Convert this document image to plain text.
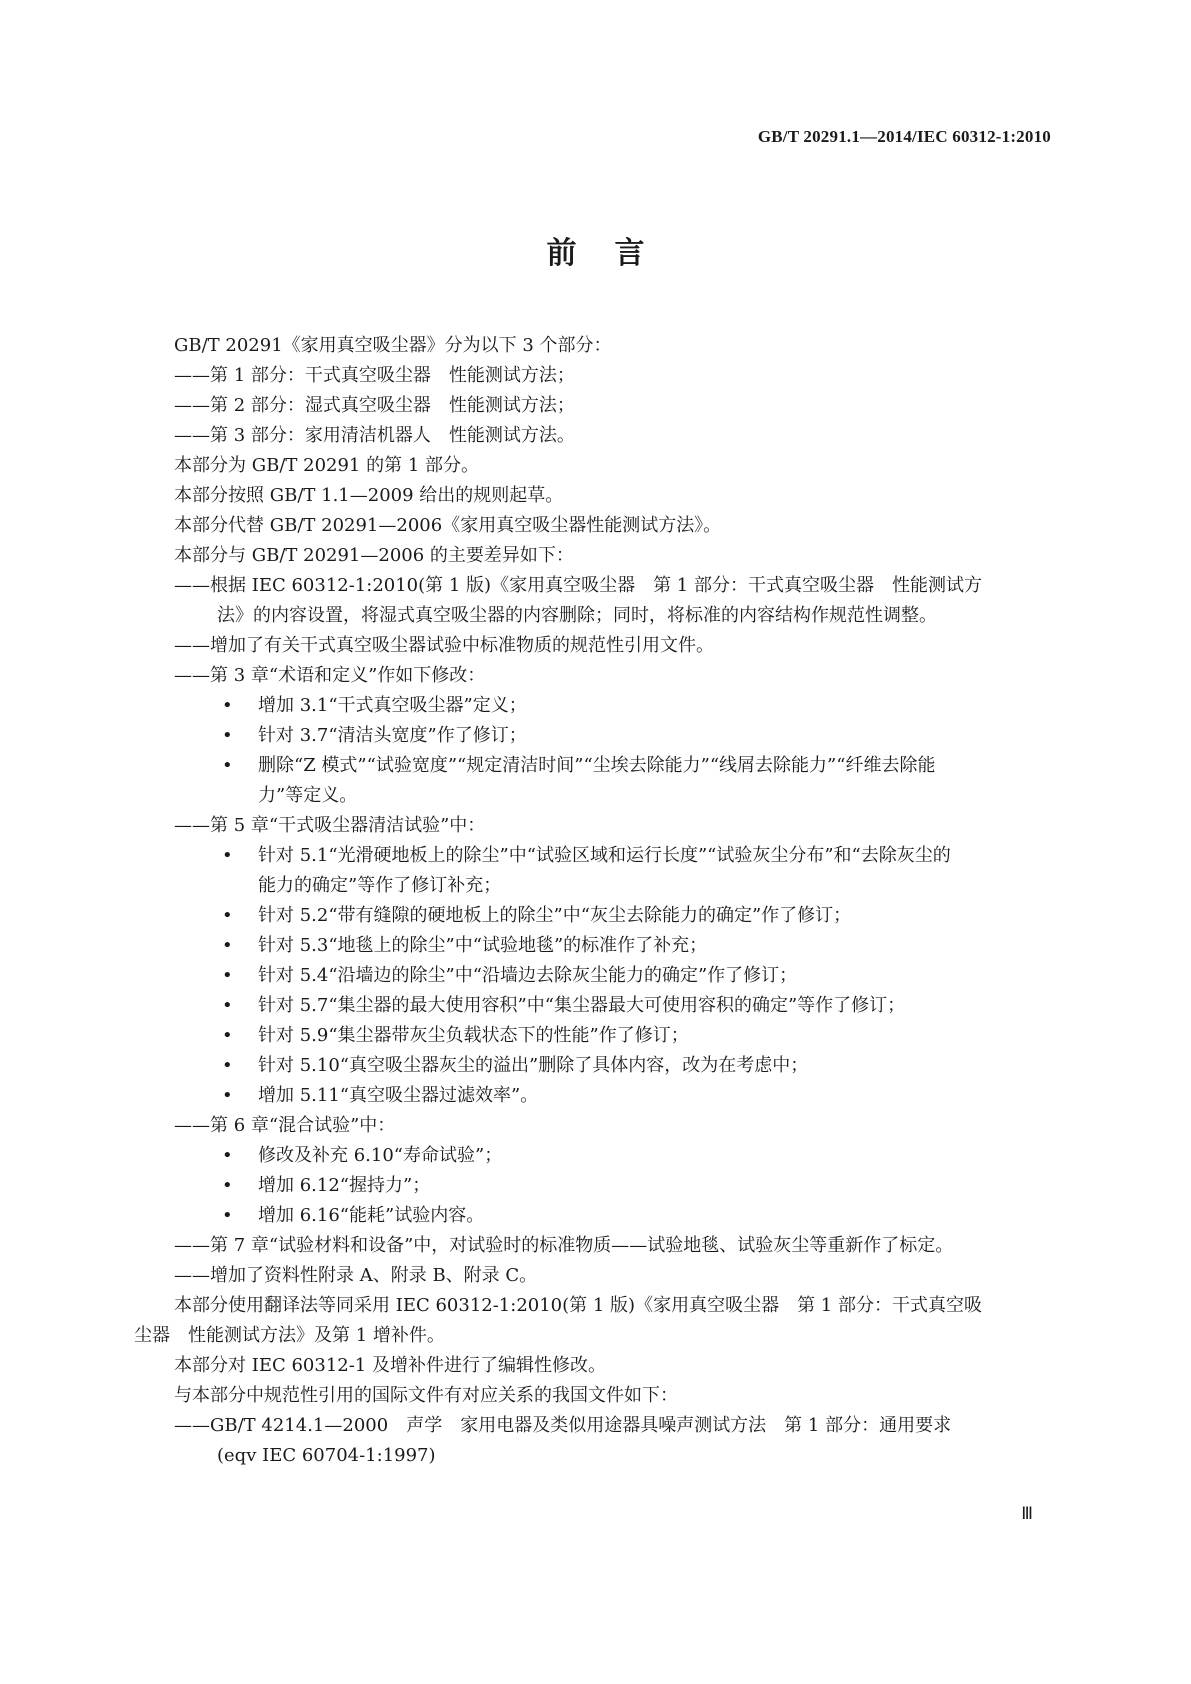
GB/T 20291.1—2014/IEC 60312-1:2010
前言

GB/T 20291《家用真空吸尘器》分为以下 3 个部分：

——第 1 部分：干式真空吸尘器　性能测试方法；

——第 2 部分：湿式真空吸尘器　性能测试方法；

——第 3 部分：家用清洁机器人　性能测试方法。

本部分为 GB/T 20291 的第 1 部分。

本部分按照 GB/T 1.1—2009 给出的规则起草。

本部分代替 GB/T 20291—2006《家用真空吸尘器性能测试方法》。

本部分与 GB/T 20291—2006 的主要差异如下：

——根据 IEC 60312-1:2010(第 1 版)《家用真空吸尘器　第 1 部分：干式真空吸尘器　性能测试方

法》的内容设置，将湿式真空吸尘器的内容删除；同时，将标准的内容结构作规范性调整。

——增加了有关干式真空吸尘器试验中标准物质的规范性引用文件。

——第 3 章“术语和定义”作如下修改：

• 增加 3.1“干式真空吸尘器”定义；

• 针对 3.7“清洁头宽度”作了修订；

• 删除“Z 模式”“试验宽度”“规定清洁时间”“尘埃去除能力”“线屑去除能力”“纤维去除能

力”等定义。

——第 5 章“干式吸尘器清洁试验”中：

• 针对 5.1“光滑硬地板上的除尘”中“试验区域和运行长度”“试验灰尘分布”和“去除灰尘的

能力的确定”等作了修订补充；

• 针对 5.2“带有缝隙的硬地板上的除尘”中“灰尘去除能力的确定”作了修订；

• 针对 5.3“地毯上的除尘”中“试验地毯”的标准作了补充；

• 针对 5.4“沿墙边的除尘”中“沿墙边去除灰尘能力的确定”作了修订；

• 针对 5.7“集尘器的最大使用容积”中“集尘器最大可使用容积的确定”等作了修订；

• 针对 5.9“集尘器带灰尘负载状态下的性能”作了修订；

• 针对 5.10“真空吸尘器灰尘的溢出”删除了具体内容，改为在考虑中；

• 增加 5.11“真空吸尘器过滤效率”。

——第 6 章“混合试验”中：

• 修改及补充 6.10“寿命试验”；

• 增加 6.12“握持力”；

• 增加 6.16“能耗”试验内容。

——第 7 章“试验材料和设备”中，对试验时的标准物质——试验地毯、试验灰尘等重新作了标定。

——增加了资料性附录 A、附录 B、附录 C。

本部分使用翻译法等同采用 IEC 60312-1:2010(第 1 版)《家用真空吸尘器　第 1 部分：干式真空吸

尘器　性能测试方法》及第 1 增补件。

本部分对 IEC 60312-1 及增补件进行了编辑性修改。

与本部分中规范性引用的国际文件有对应关系的我国文件如下：

——GB/T 4214.1—2000　声学　家用电器及类似用途器具噪声测试方法　第 1 部分：通用要求

(eqv IEC 60704-1:1997)

Ⅲ
